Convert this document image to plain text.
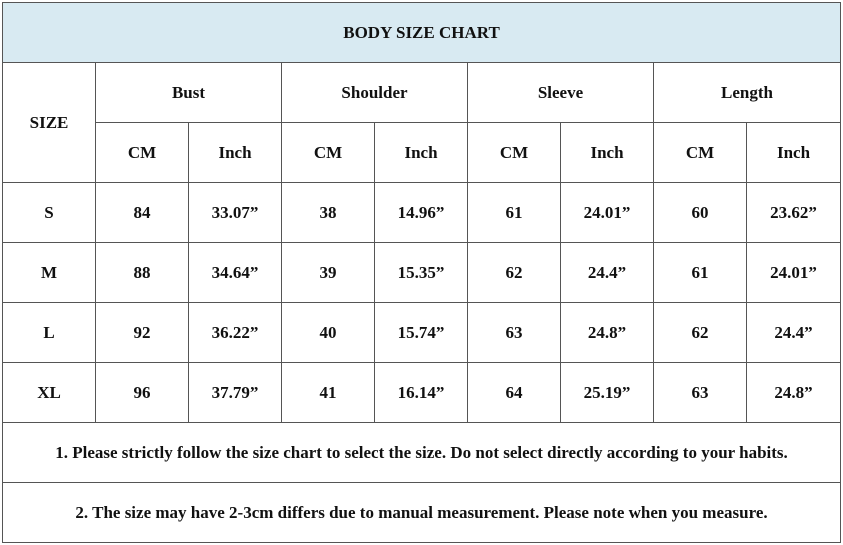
BODY SIZE CHART								
SIZE	Bust		Shoulder		Sleeve		Length	
	CM	Inch	CM	Inch	CM	Inch	CM	Inch
S	84	33.07”	38	14.96”	61	24.01”	60	23.62”
M	88	34.64”	39	15.35”	62	24.4”	61	24.01”
L	92	36.22”	40	15.74”	63	24.8”	62	24.4”
XL	96	37.79”	41	16.14”	64	25.19”	63	24.8”
1. Please strictly follow the size chart to select the size. Do not select directly according to your habits.								
2. The size may have 2-3cm differs due to manual measurement. Please note when you measure.								
